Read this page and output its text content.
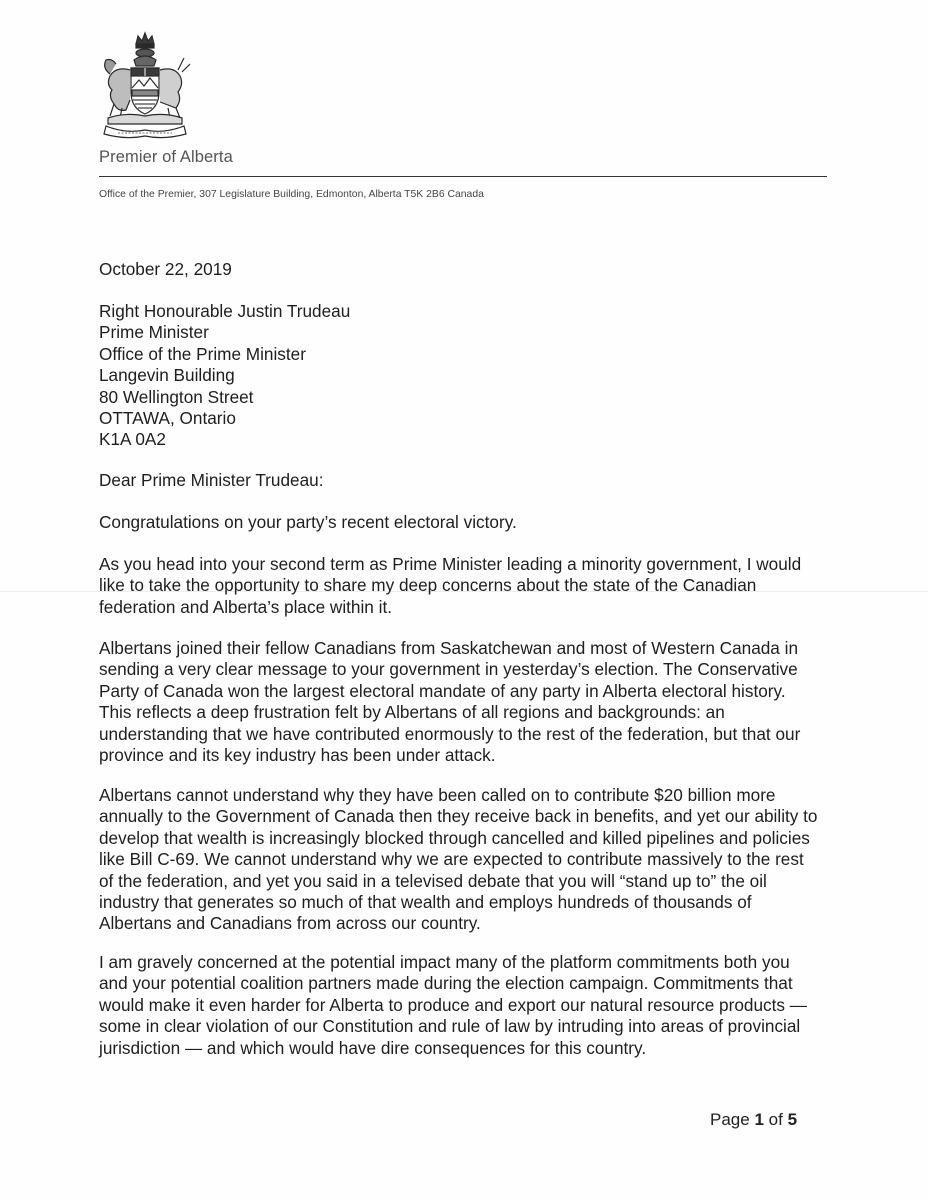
Premier of Alberta
Office of the Premier, 307 Legislature Building, Edmonton, Alberta T5K 2B6 Canada
October 22, 2019
Right Honourable Justin Trudeau
Prime Minister
Office of the Prime Minister
Langevin Building
80 Wellington Street
OTTAWA, Ontario
K1A 0A2
Dear Prime Minister Trudeau:

Congratulations on your party’s recent electoral victory.

As you head into your second term as Prime Minister leading a minority government, I would like to take the opportunity to share my deep concerns about the state of the Canadian federation and Alberta’s place within it.

Albertans joined their fellow Canadians from Saskatchewan and most of Western Canada in sending a very clear message to your government in yesterday’s election. The Conservative Party of Canada won the largest electoral mandate of any party in Alberta electoral history. This reflects a deep frustration felt by Albertans of all regions and backgrounds: an understanding that we have contributed enormously to the rest of the federation, but that our province and its key industry has been under attack.

Albertans cannot understand why they have been called on to contribute $20 billion more annually to the Government of Canada then they receive back in benefits, and yet our ability to develop that wealth is increasingly blocked through cancelled and killed pipelines and policies like Bill C-69. We cannot understand why we are expected to contribute massively to the rest of the federation, and yet you said in a televised debate that you will “stand up to” the oil industry that generates so much of that wealth and employs hundreds of thousands of Albertans and Canadians from across our country.

I am gravely concerned at the potential impact many of the platform commitments both you and your potential coalition partners made during the election campaign. Commitments that would make it even harder for Alberta to produce and export our natural resource products — some in clear violation of our Constitution and rule of law by intruding into areas of provincial jurisdiction — and which would have dire consequences for this country.

Page 1 of 5
